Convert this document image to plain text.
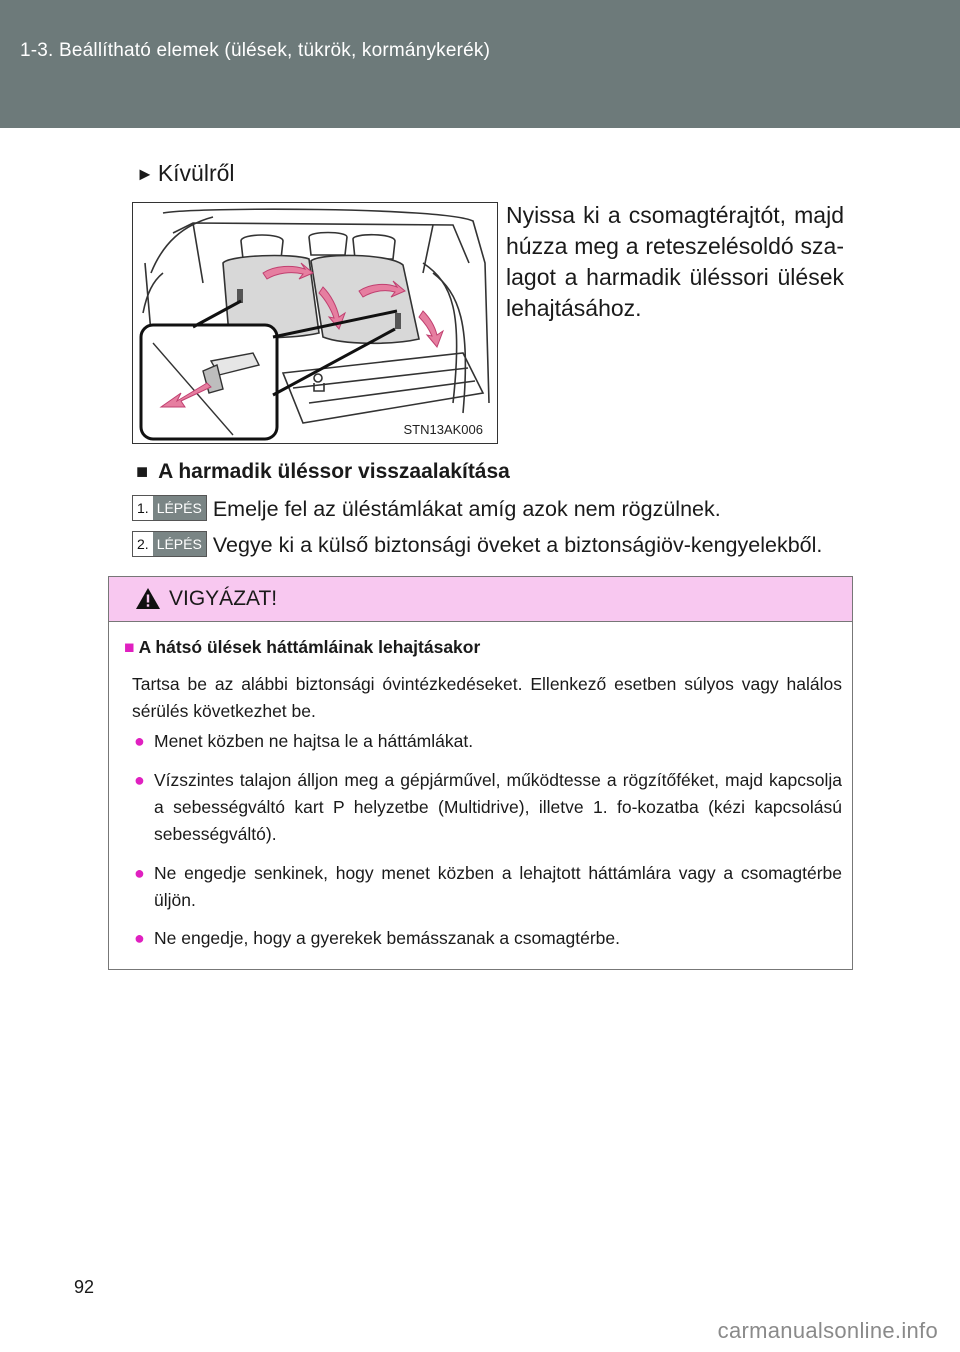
1-3. Beállítható elemek (ülések, tükrök, kormánykerék)
► Kívülről
STN13AK006
Nyissa ki a csomagtérajtót, majd húzza meg a reteszelésoldó sza-lagot a harmadik üléssori ülések lehajtásához.
■ A harmadik üléssor visszaalakítása
1. LÉPÉS Emelje fel az üléstámlákat amíg azok nem rögzülnek.
2. LÉPÉS Vegye ki a külső biztonsági öveket a biztonságiöv-kengyelekből.
VIGYÁZAT!
■ A hátsó ülések háttámláinak lehajtásakor
Tartsa be az alábbi biztonsági óvintézkedéseket. Ellenkező esetben súlyos vagy halálos sérülés következhet be.
● Menet közben ne hajtsa le a háttámlákat.
● Vízszintes talajon álljon meg a gépjárművel, működtesse a rögzítőféket, majd kapcsolja a sebességváltó kart P helyzetbe (Multidrive), illetve 1. fo-kozatba (kézi kapcsolású sebességváltó).
● Ne engedje senkinek, hogy menet közben a lehajtott háttámlára vagy a csomagtérbe üljön.
● Ne engedje, hogy a gyerekek bemásszanak a csomagtérbe.
92
carmanualsonline.info
